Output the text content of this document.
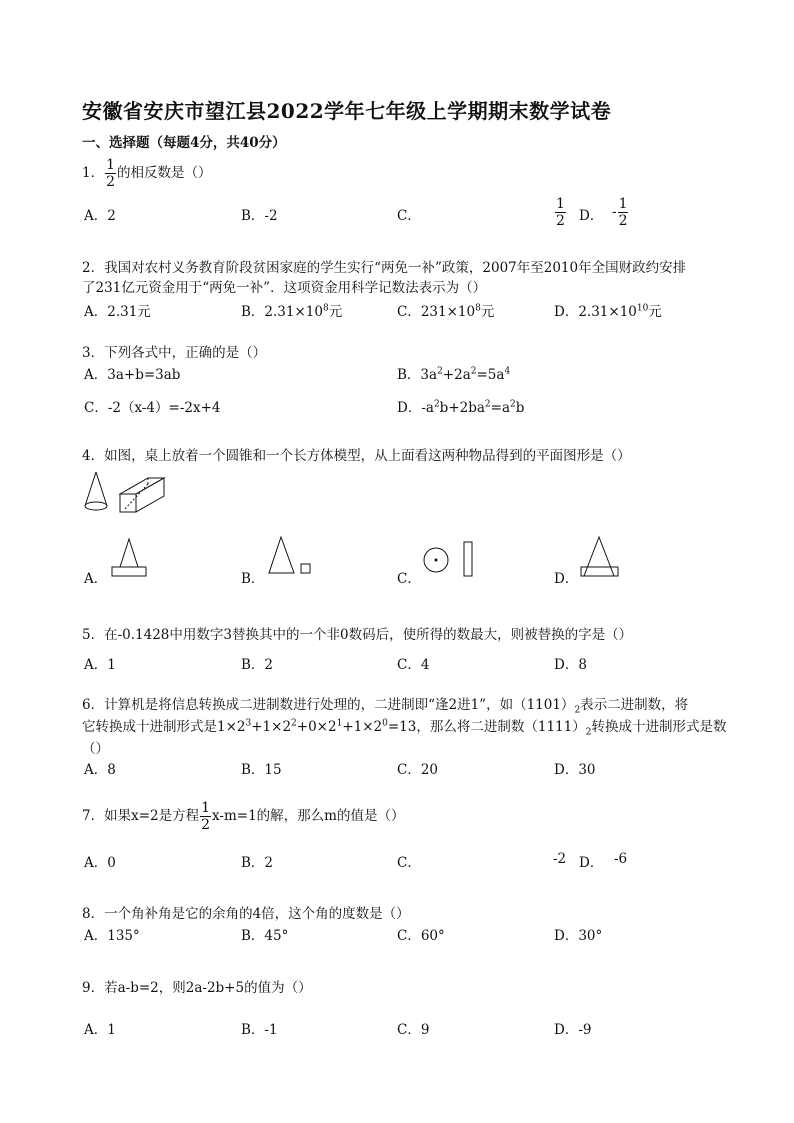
安徽省安庆市望江县2022学年七年级上学期期末数学试卷
一、选择题（每题4分，共40分）
1． $\frac{1}{2}$ 的相反数是（）
A．2	B．-2	C．	$\frac{1}{2}$ D． - $\frac{1}{2}$
2．我国对农村义务教育阶段贫困家庭的学生实行“两免一补”政策，2007年至2010年全国财政约安排
了231亿元资金用于“两免一补”．这项资金用科学记数法表示为（）
A．2.31元	B．$2.31\times 10^8$元	C．$231\times 10^8$元	D．$2.31\times 10^{10}$元
3．下列各式中，正确的是（）
A．3a+b=3ab	B．$3a^2+2a^2=5a^4$
C．-2（x-4）=-2x+4	D．$-a^2b+2ba^2=a^2b$
4．如图，桌上放着一个圆锥和一个长方体模型，从上面看这两种物品得到的平面图形是（）
A．	B．	C．	D．
5．在-0.1428中用数字3替换其中的一个非0数码后，使所得的数最大，则被替换的字是（）
A．1	B．2	C．4	D．8
6．计算机是将信息转换成二进制数进行处理的，二进制即“逢2进1”，如$(1101)_2$表示二进制数，将
它转换成十进制形式是$1\times 2^3+1\times 2^2+0\times 2^1+1\times 2^0=13$，那么将二进制数$(1111)_2$转换成十进制形式是数
（）
A．8	B．15	C．20	D．30
7．如果x=2是方程 $\frac{1}{2} x-m=1$的解，那么m的值是（）
A．0	B．2	C．	-2 D． -6
8．一个角补角是它的余角的4倍，这个角的度数是（）
A．135°	B．45°	C．60°	D．30°
9．若a-b=2，则2a-2b+5的值为（）
A．1	B．-1	C．9	D．-9
